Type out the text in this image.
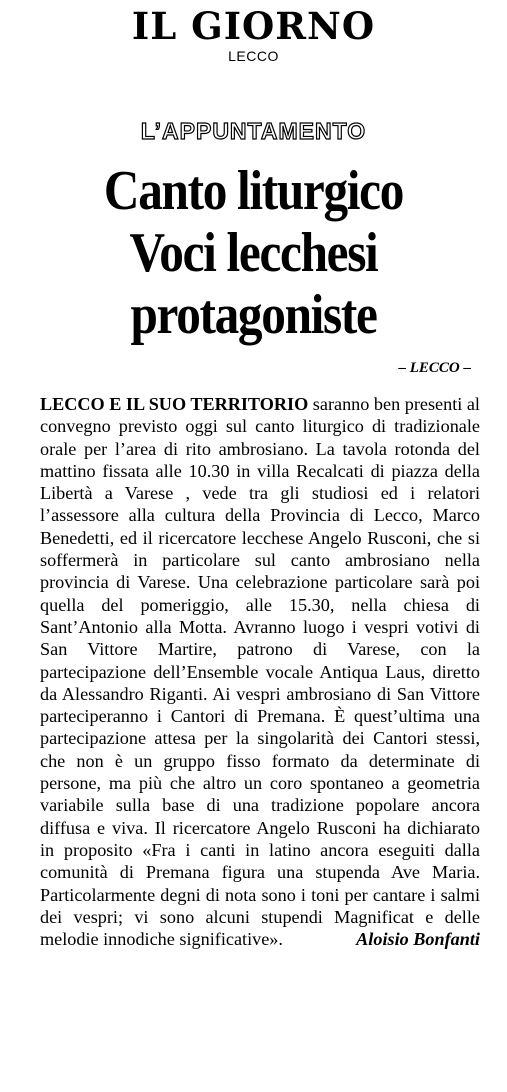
IL GIORNO
LECCO
L’APPUNTAMENTO
Canto liturgico
Voci lecchesi
protagoniste
– LECCO –
LECCO E IL SUO TERRITORIO saranno ben presenti al convegno previsto oggi sul canto liturgico di tradizionale orale per l’area di rito ambrosiano. La tavola rotonda del mattino fissata alle 10.30 in villa Recalcati di piazza della Libertà a Varese , vede tra gli studiosi ed i relatori l’assessore alla cultura della Provincia di Lecco, Marco Benedetti, ed il ricercatore lecchese Angelo Rusconi, che si soffermerà in particolare sul canto ambrosiano nella provincia di Varese. Una celebrazione particolare sarà poi quella del pomeriggio, alle 15.30, nella chiesa di Sant’Antonio alla Motta. Avranno luogo i vespri votivi di San Vittore Martire, patrono di Varese, con la partecipazione dell’Ensemble vocale Antiqua Laus, diretto da Alessandro Riganti. Ai vespri ambrosiano di San Vittore parteciperanno i Cantori di Premana. È quest’ultima una partecipazione attesa per la singolarità dei Cantori stessi, che non è un gruppo fisso formato da determinate di persone, ma più che altro un coro spontaneo a geometria variabile sulla base di una tradizione popolare ancora diffusa e viva. Il ricercatore Angelo Rusconi ha dichiarato in proposito «Fra i canti in latino ancora eseguiti dalla comunità di Premana figura una stupenda Ave Maria. Particolarmente degni di nota sono i toni per cantare i salmi dei vespri; vi sono alcuni stupendi Magnificat e delle melodie innodiche significative».	Aloisio Bonfanti
